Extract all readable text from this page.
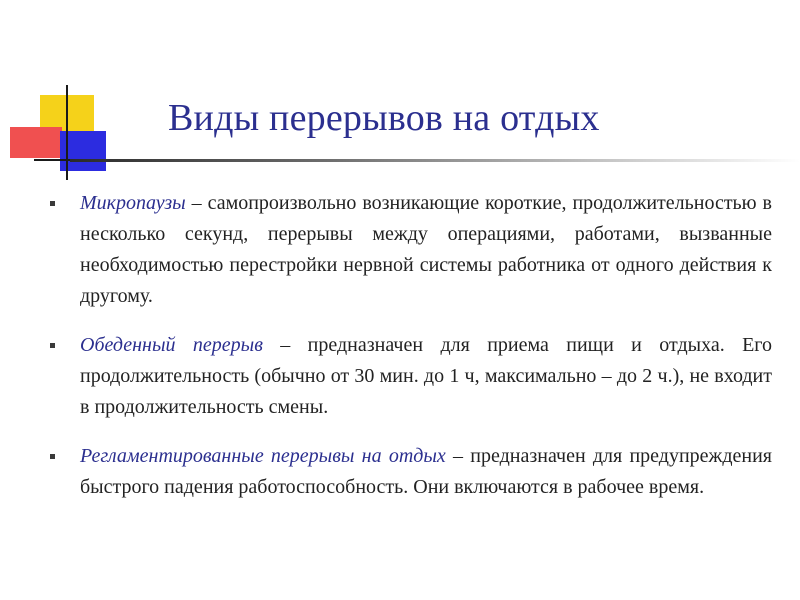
Виды перерывов на отдых

Микропаузы – самопроизвольно возникающие короткие, продолжительностью в несколько секунд, перерывы между операциями, работами, вызванные необходимостью перестройки нервной системы работника от одного действия к другому.

Обеденный перерыв – предназначен для приема пищи и отдыха. Его продолжительность (обычно от 30 мин. до 1 ч, максимально – до 2 ч.), не входит в продолжительность смены.

Регламентированные перерывы на отдых – предназначен для предупреждения быстрого падения работоспособность. Они включаются в рабочее время.
